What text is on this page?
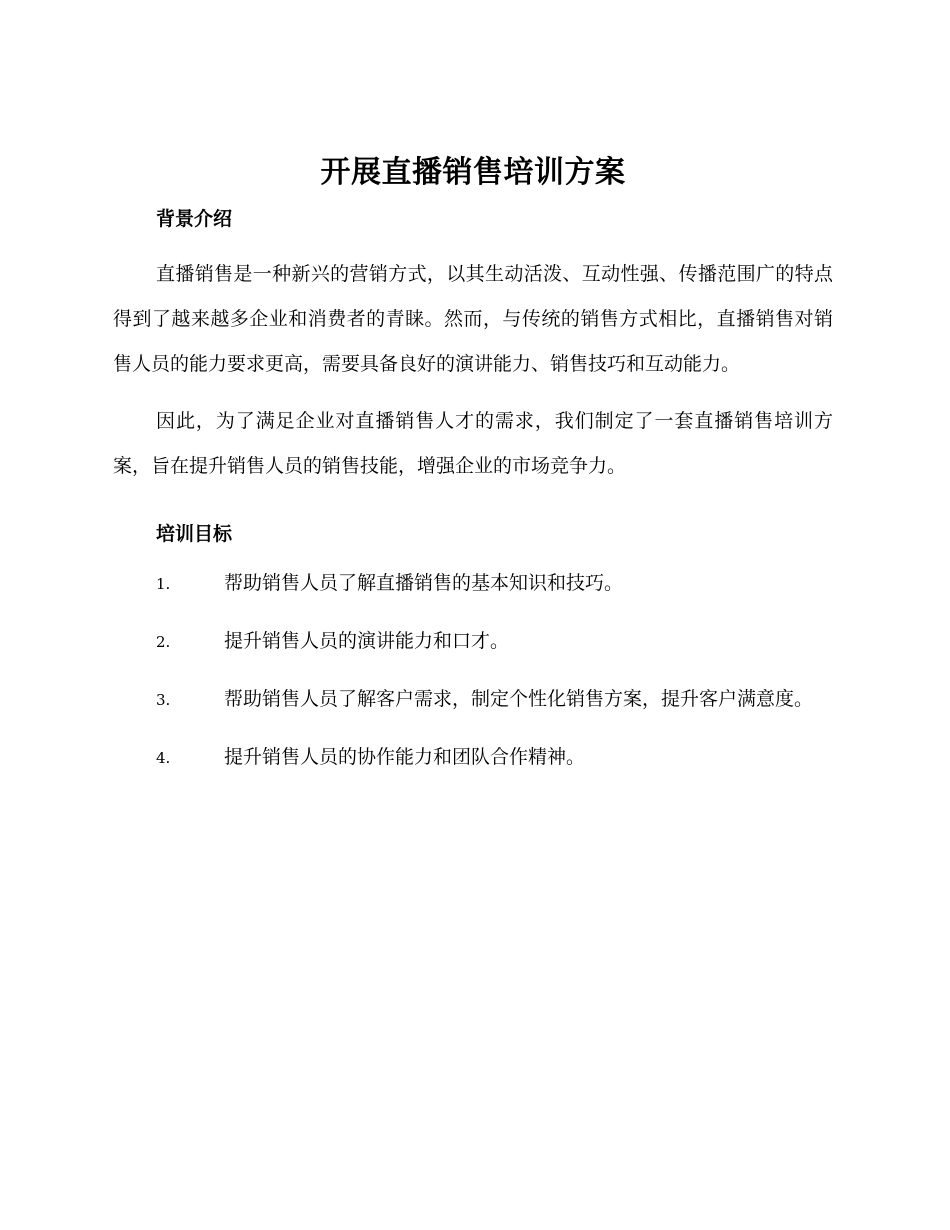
开展直播销售培训方案
背景介绍

直播销售是一种新兴的营销方式，以其生动活泼、互动性强、传播范围广的特点得到了越来越多企业和消费者的青睐。然而，与传统的销售方式相比，直播销售对销售人员的能力要求更高，需要具备良好的演讲能力、销售技巧和互动能力。

因此，为了满足企业对直播销售人才的需求，我们制定了一套直播销售培训方案，旨在提升销售人员的销售技能，增强企业的市场竞争力。

培训目标
1.	帮助销售人员了解直播销售的基本知识和技巧。
2.	提升销售人员的演讲能力和口才。
3.	帮助销售人员了解客户需求，制定个性化销售方案，提升客户满意度。
4.	提升销售人员的协作能力和团队合作精神。
